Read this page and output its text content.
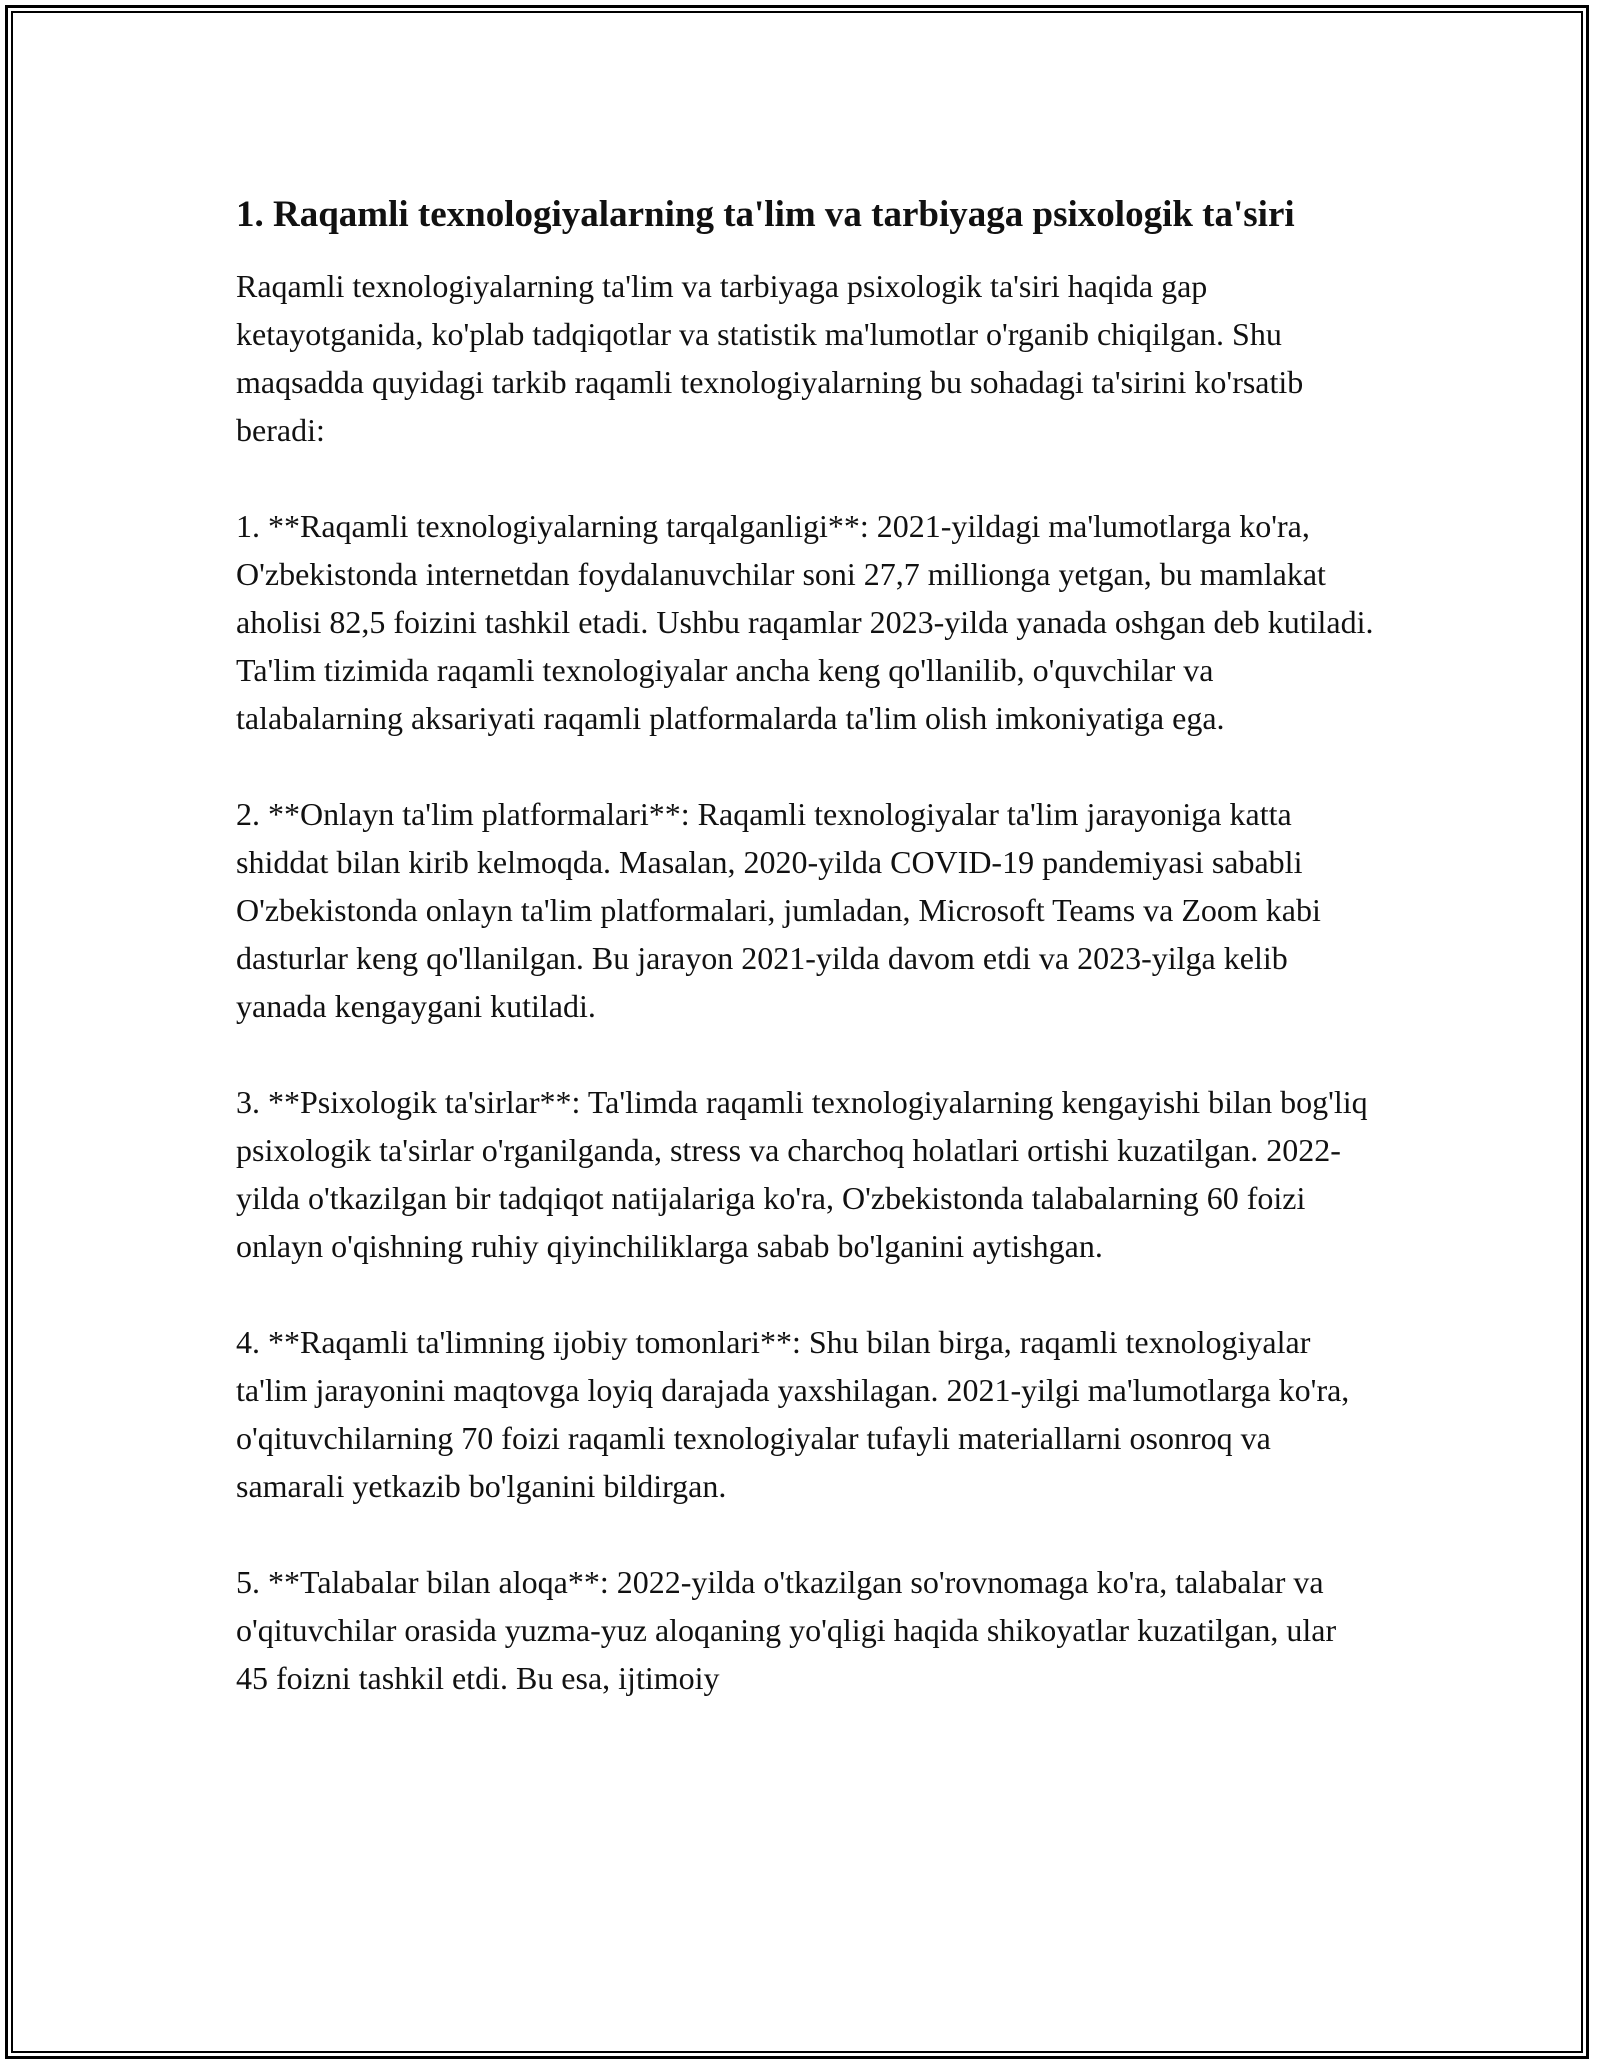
1. Raqamli texnologiyalarning ta'lim va tarbiyaga psixologik ta'siri

Raqamli texnologiyalarning ta'lim va tarbiyaga psixologik ta'siri haqida gap ketayotganida, ko'plab tadqiqotlar va statistik ma'lumotlar o'rganib chiqilgan. Shu maqsadda quyidagi tarkib raqamli texnologiyalarning bu sohadagi ta'sirini ko'rsatib beradi:

1. **Raqamli texnologiyalarning tarqalganligi**: 2021-yildagi ma'lumotlarga ko'ra, O'zbekistonda internetdan foydalanuvchilar soni 27,7 millionga yetgan, bu mamlakat aholisi 82,5 foizini tashkil etadi. Ushbu raqamlar 2023-yilda yanada oshgan deb kutiladi. Ta'lim tizimida raqamli texnologiyalar ancha keng qo'llanilib, o'quvchilar va talabalarning aksariyati raqamli platformalarda ta'lim olish imkoniyatiga ega.

2. **Onlayn ta'lim platformalari**: Raqamli texnologiyalar ta'lim jarayoniga katta shiddat bilan kirib kelmoqda. Masalan, 2020-yilda COVID-19 pandemiyasi sababli O'zbekistonda onlayn ta'lim platformalari, jumladan, Microsoft Teams va Zoom kabi dasturlar keng qo'llanilgan. Bu jarayon 2021-yilda davom etdi va 2023-yilga kelib yanada kengaygani kutiladi.

3. **Psixologik ta'sirlar**: Ta'limda raqamli texnologiyalarning kengayishi bilan bog'liq psixologik ta'sirlar o'rganilganda, stress va charchoq holatlari ortishi kuzatilgan. 2022-yilda o'tkazilgan bir tadqiqot natijalariga ko'ra, O'zbekistonda talabalarning 60 foizi onlayn o'qishning ruhiy qiyinchiliklarga sabab bo'lganini aytishgan.

4. **Raqamli ta'limning ijobiy tomonlari**: Shu bilan birga, raqamli texnologiyalar ta'lim jarayonini maqtovga loyiq darajada yaxshilagan. 2021-yilgi ma'lumotlarga ko'ra, o'qituvchilarning 70 foizi raqamli texnologiyalar tufayli materiallarni osonroq va samarali yetkazib bo'lganini bildirgan.

5. **Talabalar bilan aloqa**: 2022-yilda o'tkazilgan so'rovnomaga ko'ra, talabalar va o'qituvchilar orasida yuzma-yuz aloqaning yo'qligi haqida shikoyatlar kuzatilgan, ular 45 foizni tashkil etdi. Bu esa, ijtimoiy
